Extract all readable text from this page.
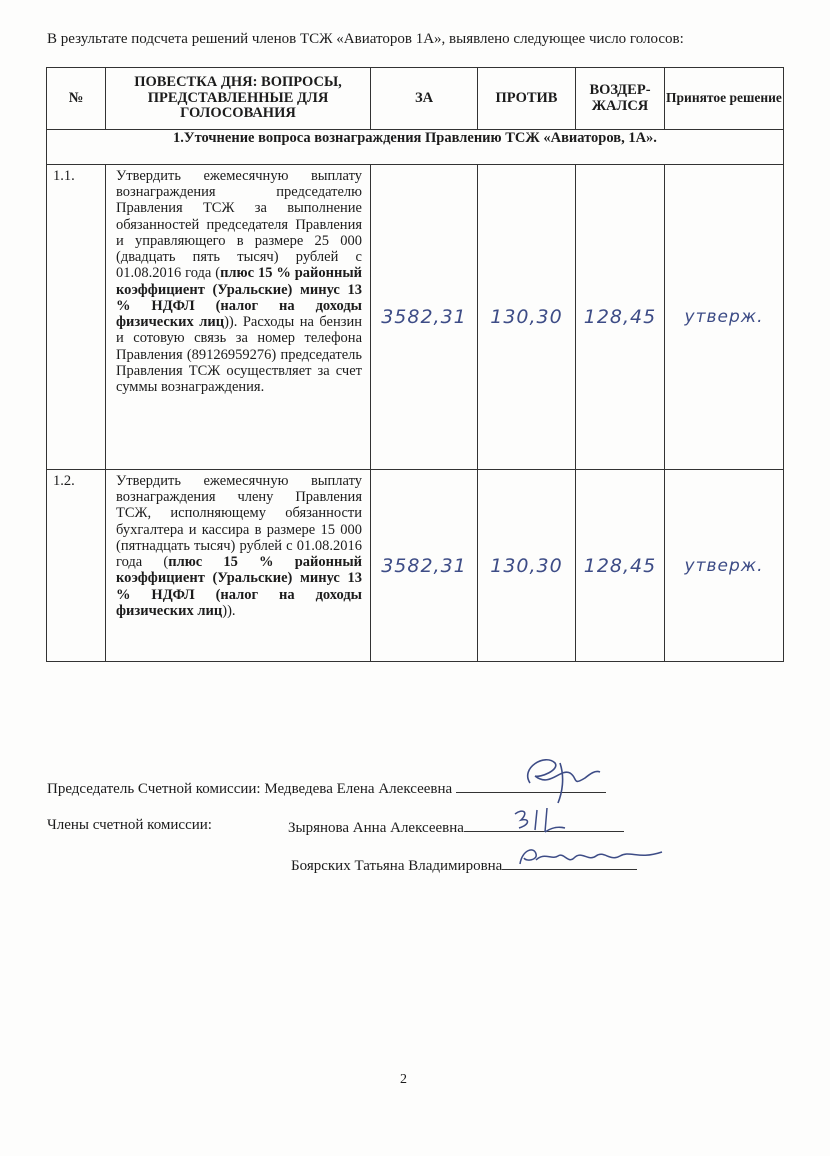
В результате подсчета решений членов ТСЖ «Авиаторов 1А», выявлено следующее число голосов:
№	ПОВЕСТКА ДНЯ: ВОПРОСЫ, ПРЕДСТАВЛЕННЫЕ ДЛЯ ГОЛОСОВАНИЯ	ЗА	ПРОТИВ	ВОЗДЕР-ЖАЛСЯ	Принятое решение
1.Уточнение вопроса вознаграждения Правлению ТСЖ «Авиаторов, 1А».					
1.1.	Утвердить ежемесячную выплату вознаграждения председателю Правления ТСЖ за выполнение обязанностей председателя Правления и управляющего в размере 25 000 (двадцать пять тысяч) рублей с 01.08.2016 года (плюс 15 % районный коэффициент (Уральские) минус 13 % НДФЛ (налог на доходы физических лиц)). Расходы на бензин и сотовую связь за номер телефона Правления (89126959276) председатель Правления ТСЖ осуществляет за счет суммы вознаграждения.	3582,31	130,30	128,45	утверж.
1.2.	Утвердить ежемесячную выплату вознаграждения члену Правления ТСЖ, исполняющему обязанности бухгалтера и кассира в размере 15 000 (пятнадцать тысяч) рублей с 01.08.2016 года (плюс 15 % районный коэффициент (Уральские) минус 13 % НДФЛ (налог на доходы физических лиц)).	3582,31	130,30	128,45	утверж.
Председатель Счетной комиссии: Медведева Елена Алексеевна
Члены счетной комиссии:	Зырянова Анна Алексеевна
Боярских Татьяна Владимировна
2
